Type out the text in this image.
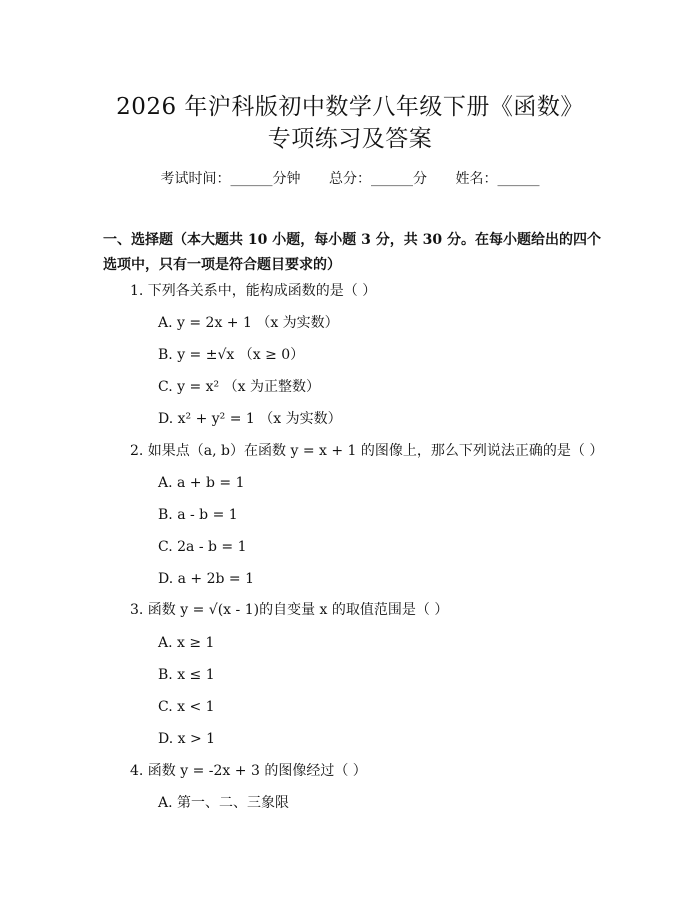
2026 年沪科版初中数学八年级下册《函数》
专项练习及答案
考试时间：______分钟 总分：______分 姓名：______
一、选择题（本大题共 10 小题，每小题 3 分，共 30 分。在每小题给出的四个选项中，只有一项是符合题目要求的）
1. 下列各关系中，能构成函数的是（ ）
A. y = 2x + 1 （x 为实数）
B. y = ±√x （x ≥ 0）
C. y = x² （x 为正整数）
D. x² + y² = 1 （x 为实数）
2. 如果点（a, b）在函数 y = x + 1 的图像上，那么下列说法正确的是（ ）
A. a + b = 1
B. a - b = 1
C. 2a - b = 1
D. a + 2b = 1
3. 函数 y = √(x - 1)的自变量 x 的取值范围是（ ）
A. x ≥ 1
B. x ≤ 1
C. x < 1
D. x > 1
4. 函数 y = -2x + 3 的图像经过（ ）
A. 第一、二、三象限
